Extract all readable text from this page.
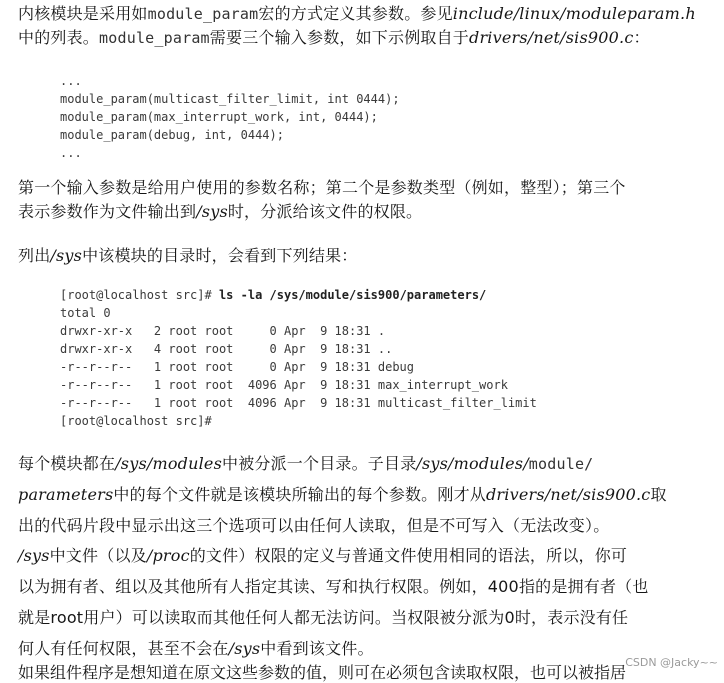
内核模块是采用如module_param宏的方式定义其参数。参见include/linux/moduleparam.h
中的列表。module_param需要三个输入参数，如下示例取自于drivers/net/sis900.c：
...
module_param(multicast_filter_limit, int 0444);
module_param(max_interrupt_work, int, 0444);
module_param(debug, int, 0444);
...
第一个输入参数是给用户使用的参数名称；第二个是参数类型（例如，整型）；第三个
表示参数作为文件输出到/sys时，分派给该文件的权限。
列出/sys中该模块的目录时，会看到下列结果：
[root@localhost src]# ls -la /sys/module/sis900/parameters/
total 0
drwxr-xr-x   2 root root     0 Apr  9 18:31 .
drwxr-xr-x   4 root root     0 Apr  9 18:31 ..
-r--r--r--   1 root root     0 Apr  9 18:31 debug
-r--r--r--   1 root root  4096 Apr  9 18:31 max_interrupt_work
-r--r--r--   1 root root  4096 Apr  9 18:31 multicast_filter_limit
[root@localhost src]#
每个模块都在/sys/modules中被分派一个目录。子目录/sys/modules/module/
parameters中的每个文件就是该模块所输出的每个参数。刚才从drivers/net/sis900.c取
出的代码片段中显示出这三个选项可以由任何人读取，但是不可写入（无法改变）。
/sys中文件（以及/proc的文件）权限的定义与普通文件使用相同的语法，所以，你可
以为拥有者、组以及其他所有人指定其读、写和执行权限。例如，400指的是拥有者（也
就是root用户）可以读取而其他任何人都无法访问。当权限被分派为0时，表示没有任
何人有任何权限，甚至不会在/sys中看到该文件。
如果组件程序是想知道在原文这些参数的值，则可在必须包含读取权限，也可以被指居
CSDN @Jacky~~
